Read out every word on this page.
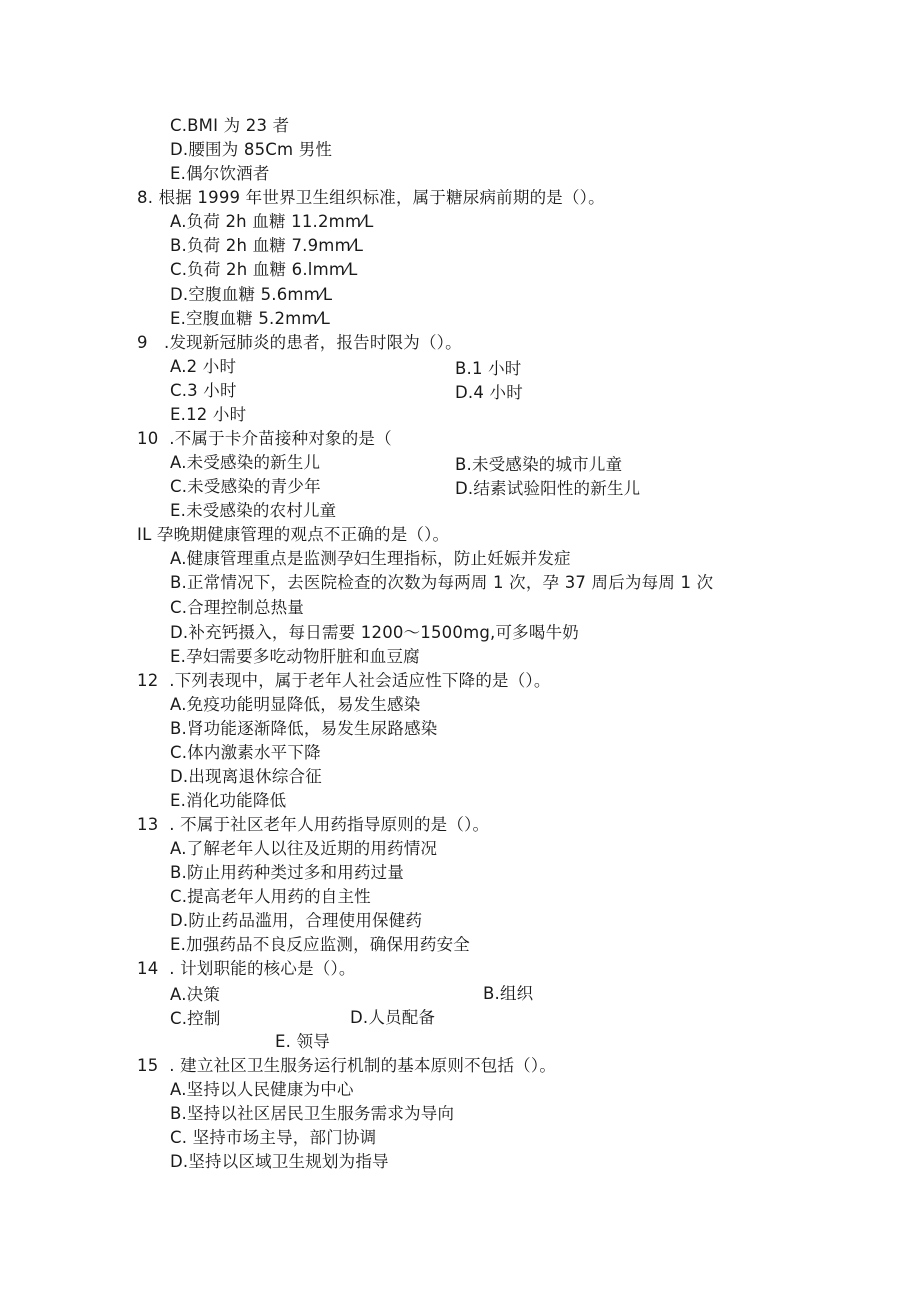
C.BMI 为 23 者
D.腰围为 85Cm 男性
E.偶尔饮酒者
8. 根据 1999 年世界卫生组织标准，属于糖尿病前期的是（）。
A.负荷 2h 血糖 11.2mm⁄L
B.负荷 2h 血糖 7.9mm⁄L
C.负荷 2h 血糖 6.lmm⁄L
D.空腹血糖 5.6mm⁄L
E.空腹血糖 5.2mm⁄L
9   .发现新冠肺炎的患者，报告时限为（）。
A.2 小时	B.1 小时
C.3 小时	D.4 小时
E.12 小时
10  .不属于卡介苗接种对象的是（
A.未受感染的新生儿	B.未受感染的城市儿童
C.未受感染的青少年	D.结素试验阳性的新生儿
E.未受感染的农村儿童
IL 孕晚期健康管理的观点不正确的是（）。
A.健康管理重点是监测孕妇生理指标，防止妊娠并发症
B.正常情况下，去医院检查的次数为每两周 1 次，孕 37 周后为每周 1 次
C.合理控制总热量
D.补充钙摄入，每日需要 1200～1500mg,可多喝牛奶
E.孕妇需要多吃动物肝脏和血豆腐
12  .下列表现中，属于老年人社会适应性下降的是（）。
A.免疫功能明显降低，易发生感染
B.肾功能逐渐降低，易发生尿路感染
C.体内激素水平下降
D.出现离退休综合征
E.消化功能降低
13  . 不属于社区老年人用药指导原则的是（）。
A.了解老年人以往及近期的用药情况
B.防止用药种类过多和用药过量
C.提高老年人用药的自主性
D.防止药品滥用，合理使用保健药
E.加强药品不良反应监测，确保用药安全
14  . 计划职能的核心是（）。
A.决策	B.组织
C.控制	D.人员配备
E. 领导
15  . 建立社区卫生服务运行机制的基本原则不包括（）。
A.坚持以人民健康为中心
B.坚持以社区居民卫生服务需求为导向
C. 坚持市场主导，部门协调
D.坚持以区域卫生规划为指导
